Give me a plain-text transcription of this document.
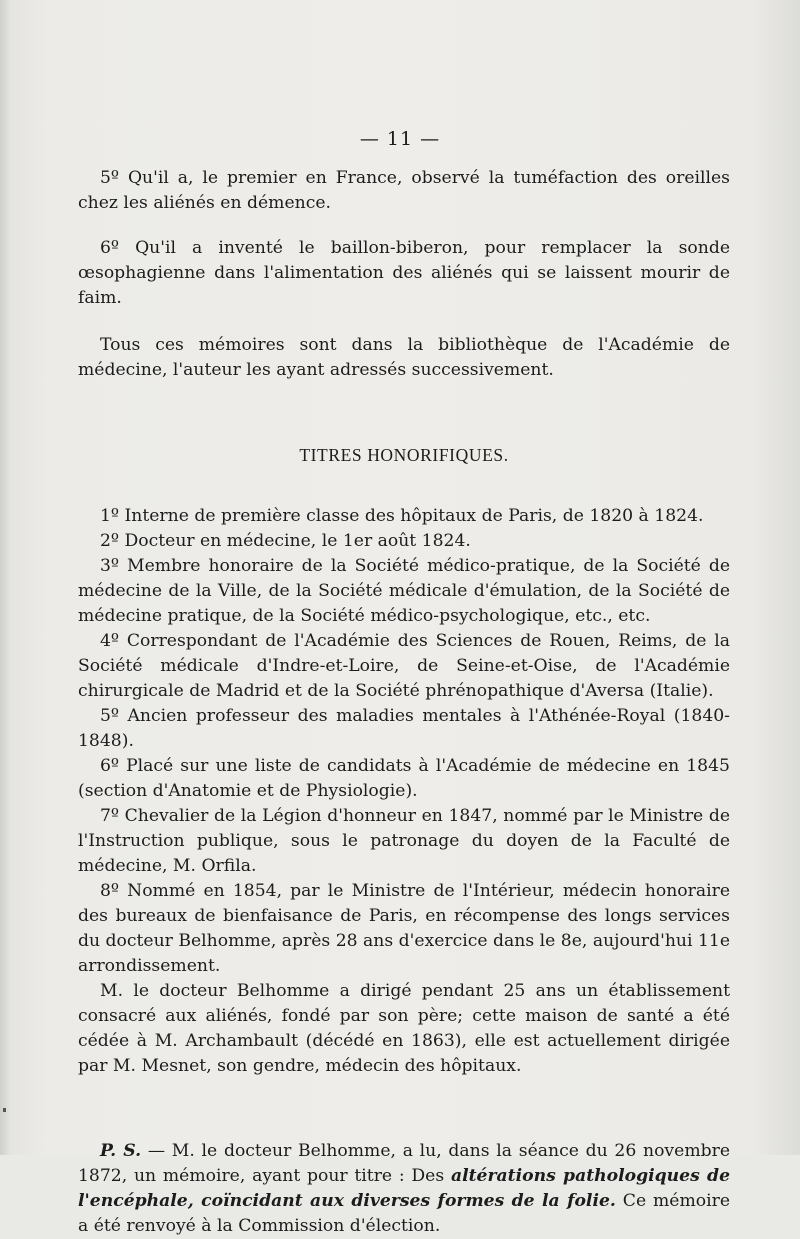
— 11 —

5º Qu'il a, le premier en France, observé la tuméfaction des oreilles chez les aliénés en démence.

6º Qu'il a inventé le baillon-biberon, pour remplacer la sonde œsophagienne dans l'alimentation des aliénés qui se laissent mourir de faim.

Tous ces mémoires sont dans la bibliothèque de l'Académie de médecine, l'auteur les ayant adressés successivement.

TITRES HONORIFIQUES.

1º Interne de première classe des hôpitaux de Paris, de 1820 à 1824.

2º Docteur en médecine, le 1er août 1824.

3º Membre honoraire de la Société médico-pratique, de la Société de médecine de la Ville, de la Société médicale d'émulation, de la Société de médecine pratique, de la Société médico-psychologique, etc., etc.

4º Correspondant de l'Académie des Sciences de Rouen, Reims, de la Société médicale d'Indre-et-Loire, de Seine-et-Oise, de l'Académie chirurgicale de Madrid et de la Société phrénopathique d'Aversa (Italie).

5º Ancien professeur des maladies mentales à l'Athénée-Royal (1840-1848).

6º Placé sur une liste de candidats à l'Académie de médecine en 1845 (section d'Anatomie et de Physiologie).

7º Chevalier de la Légion d'honneur en 1847, nommé par le Ministre de l'Instruction publique, sous le patronage du doyen de la Faculté de médecine, M. Orfila.

8º Nommé en 1854, par le Ministre de l'Intérieur, médecin honoraire des bureaux de bienfaisance de Paris, en récompense des longs services du docteur Belhomme, après 28 ans d'exercice dans le 8e, aujourd'hui 11e arrondissement.

M. le docteur Belhomme a dirigé pendant 25 ans un établissement consacré aux aliénés, fondé par son père; cette maison de santé a été cédée à M. Archambault (décédé en 1863), elle est actuellement dirigée par M. Mesnet, son gendre, médecin des hôpitaux.

P. S. — M. le docteur Belhomme, a lu, dans la séance du 26 novembre 1872, un mémoire, ayant pour titre : Des altérations pathologiques de l'encéphale, coïncidant aux diverses formes de la folie. Ce mémoire a été renvoyé à la Commission d'élection.
